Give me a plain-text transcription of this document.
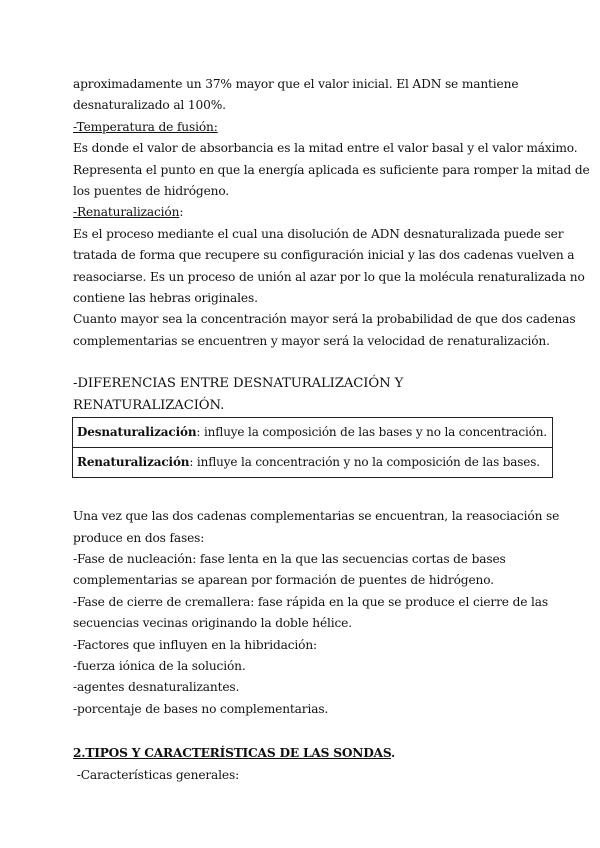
aproximadamente un 37% mayor que el valor inicial. El ADN se mantiene
desnaturalizado al 100%.
-Temperatura de fusión:
Es donde el valor de absorbancia es la mitad entre el valor basal y el valor máximo.
Representa el punto en que la energía aplicada es suficiente para romper la mitad de
los puentes de hidrógeno.
-Renaturalización:
Es el proceso mediante el cual una disolución de ADN desnaturalizada puede ser
tratada de forma que recupere su configuración inicial y las dos cadenas vuelven a
reasociarse. Es un proceso de unión al azar por lo que la molécula renaturalizada no
contiene las hebras originales.
Cuanto mayor sea la concentración mayor será la probabilidad de que dos cadenas
complementarias se encuentren y mayor será la velocidad de renaturalización.
-DIFERENCIAS ENTRE DESNATURALIZACIÓN Y
RENATURALIZACIÓN.
Desnaturalización: influye la composición de las bases y no la concentración.
Renaturalización: influye la concentración y no la composición de las bases.
Una vez que las dos cadenas complementarias se encuentran, la reasociación se
produce en dos fases:
-Fase de nucleación: fase lenta en la que las secuencias cortas de bases
complementarias se aparean por formación de puentes de hidrógeno.
-Fase de cierre de cremallera: fase rápida en la que se produce el cierre de las
secuencias vecinas originando la doble hélice.
-Factores que influyen en la hibridación:
-fuerza iónica de la solución.
-agentes desnaturalizantes.
-porcentaje de bases no complementarias.
2.TIPOS Y CARACTERÍSTICAS DE LAS SONDAS.
-Características generales:
